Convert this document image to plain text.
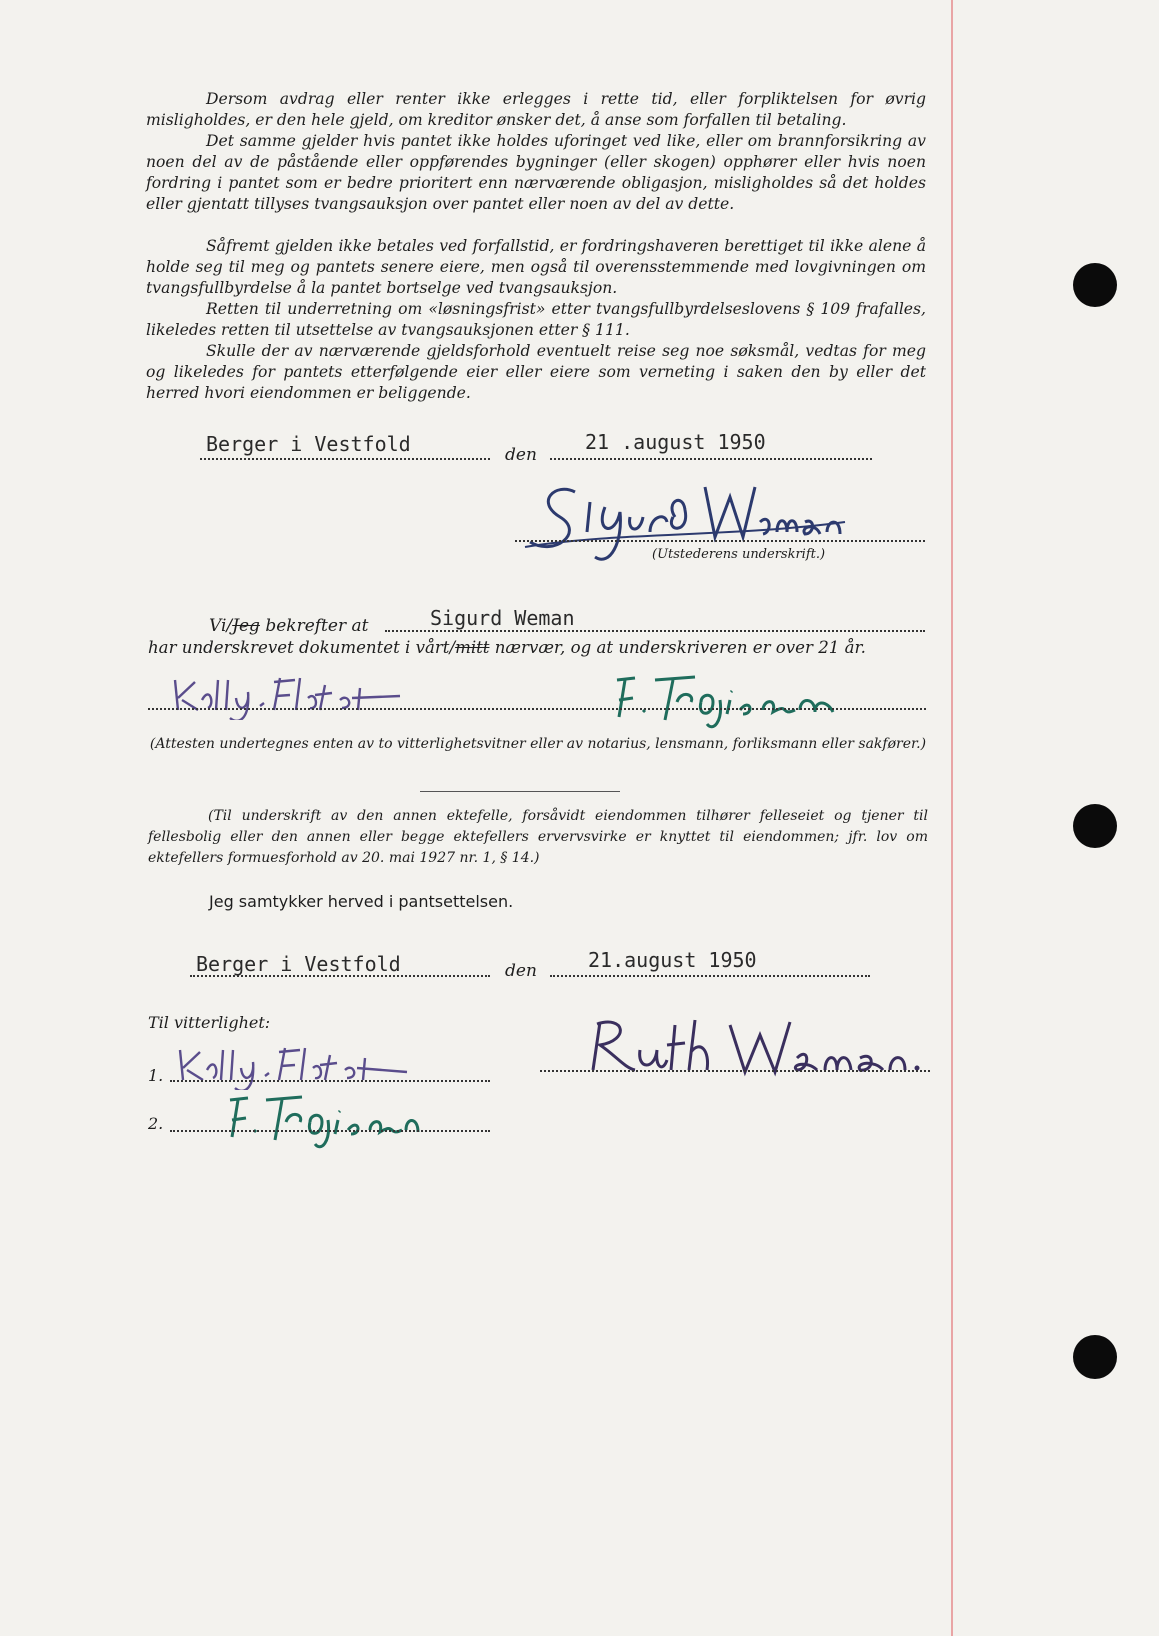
Dersom avdrag eller renter ikke erlegges i rette tid, eller forpliktelsen for øvrig misligholdes, er den hele gjeld, om kreditor ønsker det, å anse som forfallen til betaling.

Det samme gjelder hvis pantet ikke holdes uforinget ved like, eller om brannforsikring av noen del av de påstående eller oppførendes bygninger (eller skogen) opphører eller hvis noen fordring i pantet som er bedre prioritert enn nærværende obligasjon, misligholdes så det holdes eller gjentatt tillyses tvangsauksjon over pantet eller noen av del av dette.

Såfremt gjelden ikke betales ved forfallstid, er fordringshaveren berettiget til ikke alene å holde seg til meg og pantets senere eiere, men også til overensstemmende med lovgivningen om tvangsfullbyrdelse å la pantet bortselge ved tvangsauksjon.

Retten til underretning om «løsningsfrist» etter tvangsfullbyrdelseslovens § 109 frafalles, likeledes retten til utsettelse av tvangsauksjonen etter § 111.

Skulle der av nærværende gjeldsforhold eventuelt reise seg noe søksmål, vedtas for meg og likeledes for pantets etterfølgende eier eller eiere som verneting i saken den by eller det herred hvori eiendommen er beliggende.

Berger i Vestfold	den
21 .august 1950
(Utstederens underskrift.)
Vi/Jeg bekrefter at	Sigurd Weman
har underskrevet dokumentet i vårt/mitt nærvær, og at underskriveren er over 21 år.

(Attesten undertegnes enten av to vitterlighetsvitner eller av notarius, lensmann, forliksmann eller sakfører.)

(Til underskrift av den annen ektefelle, forsåvidt eiendommen tilhører felleseiet og tjener til fellesbolig eller den annen eller begge ektefellers ervervsvirke er knyttet til eiendommen; jfr. lov om ektefellers formuesforhold av 20. mai 1927 nr. 1, § 14.)

Jeg samtykker herved i pantsettelsen.
Berger i Vestfold	den	21.august 1950
Til vitterlighet:
1.
2.
